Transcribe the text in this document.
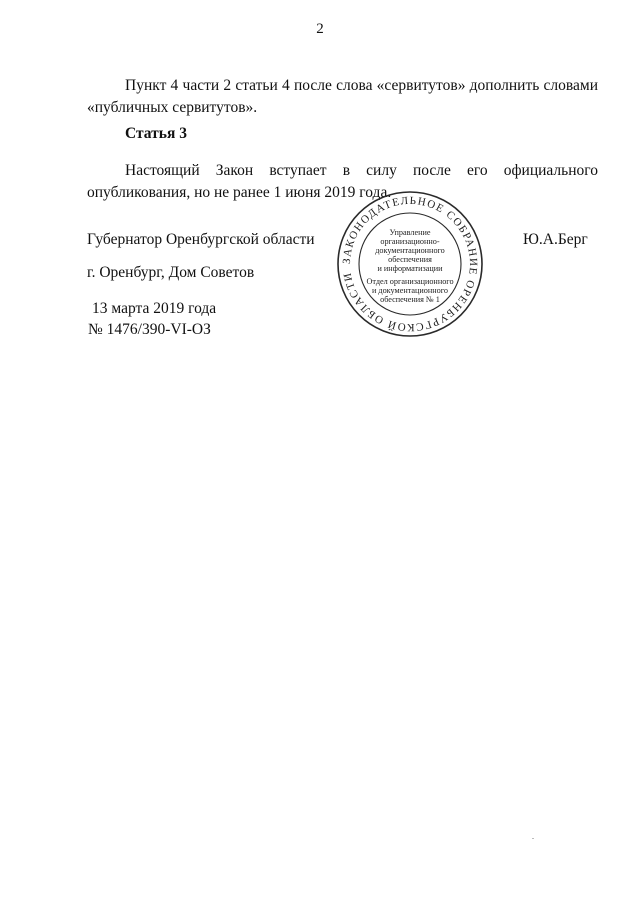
2

Пункт 4 части 2 статьи 4 после слова «сервитутов» дополнить словами «публичных сервитутов».

Статья 3

Настоящий Закон вступает в силу после его официального опубликования, но не ранее 1 июня 2019 года.

Губернатор Оренбургской области	Ю.А.Берг

г. Оренбург, Дом Советов

13 марта 2019 года

№ 1476/390-VI-ОЗ

ЗАКОНОДАТЕЛЬНОЕ СОБРАНИЕ ОРЕНБУРГСКОЙ ОБЛАСТИ
Управление
организационно-
документационного
обеспечения
и информатизации
Отдел организационного
и документационного
обеспечения № 1
